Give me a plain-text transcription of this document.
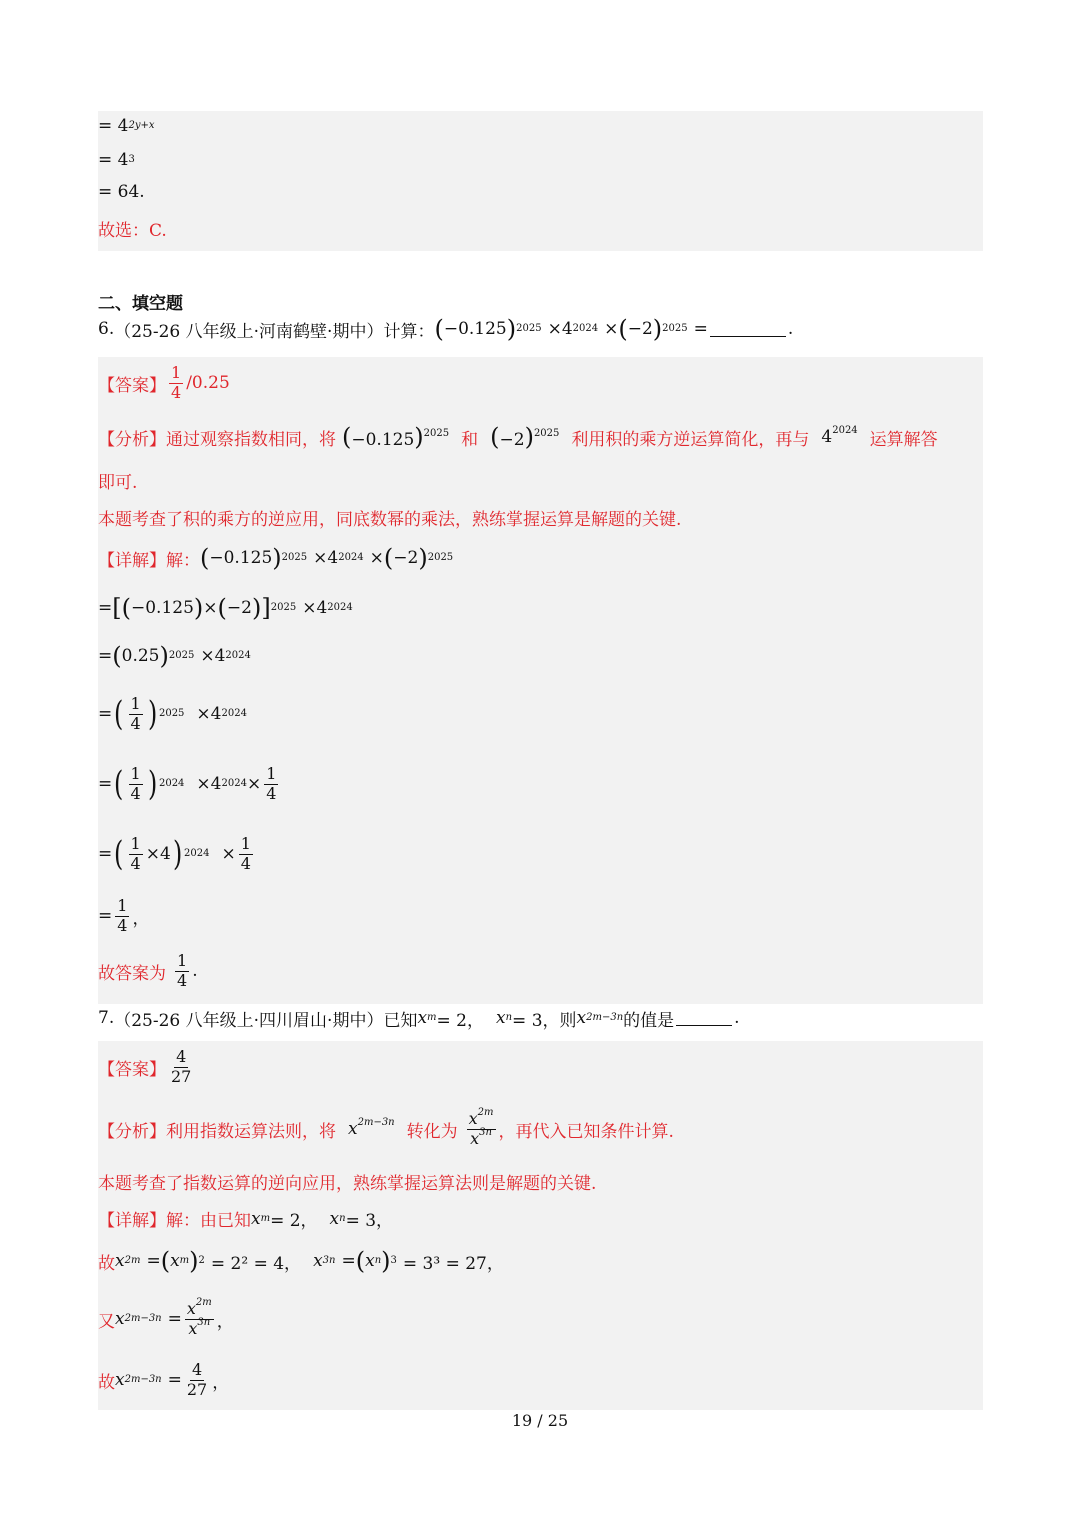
= 4 2y+x
= 4 3
= 64.
故选：C.
二、填空题
6. （25-26 八年级上·河南鹤壁·期中）计算： ( −0.125 ) 2025 × 4 2024 × ( −2 ) 2025 =	.
【答案】 $\frac{1}{4} /0.25$
【分析】 通过观察指数相同，将 $(-0.125)^{2025}$ 和 $(-2)^{2025}$ 利用积的乘方逆运算简化，再与 $4^{2024}$ 运算解答
即可.
本题考查了积的乘方的逆应用，同底数幂的乘法，熟练掌握运算是解题的关键.
【详解】 解： ( −0.125 ) 2025 × 4 2024 × ( −2 ) 2025
= [ ( −0.125 ) × ( −2 ) ] 2025 × 4 2024
= ( 0.25 ) 2025 × 4 2024
= ( $\frac{1}{4}$ ) 2025 × 4 2024
= ( $\frac{1}{4}$ ) 2024 × 4 $2024 \times \frac{1}{4}$
= ( $\frac{1}{4} \times 4$ ) $2024 \times \frac{1}{4}$
= $\frac{1}{4}$ ，
故答案为 $\frac{1}{4}$ .
7. （25-26 八年级上·四川眉山·期中）已知 x m = 2， x n = 3，则 x 2m−3n 的值是	.
【答案】 $\frac{4}{27}$
【分析】 利用指数运算法则，将 $x^{2m-3n}$ 转化为 $\frac{x^{2m}}{x^{3n}}$ ，再代入已知条件计算.
本题考查了指数运算的逆向应用，熟练掌握运算法则是解题的关键.
【详解】 解：由已知 x m = 2， x n = 3，
故 x 2m = ( x m ) 2 = 2² = 4， x 3n = ( x n ) 3 = 3³ = 27，
又 x $2m-3n = \frac{x^{2m}}{x^{3n}}$ ，
故 x $2m-3n = \frac{4}{27}$ ，
19 / 25
